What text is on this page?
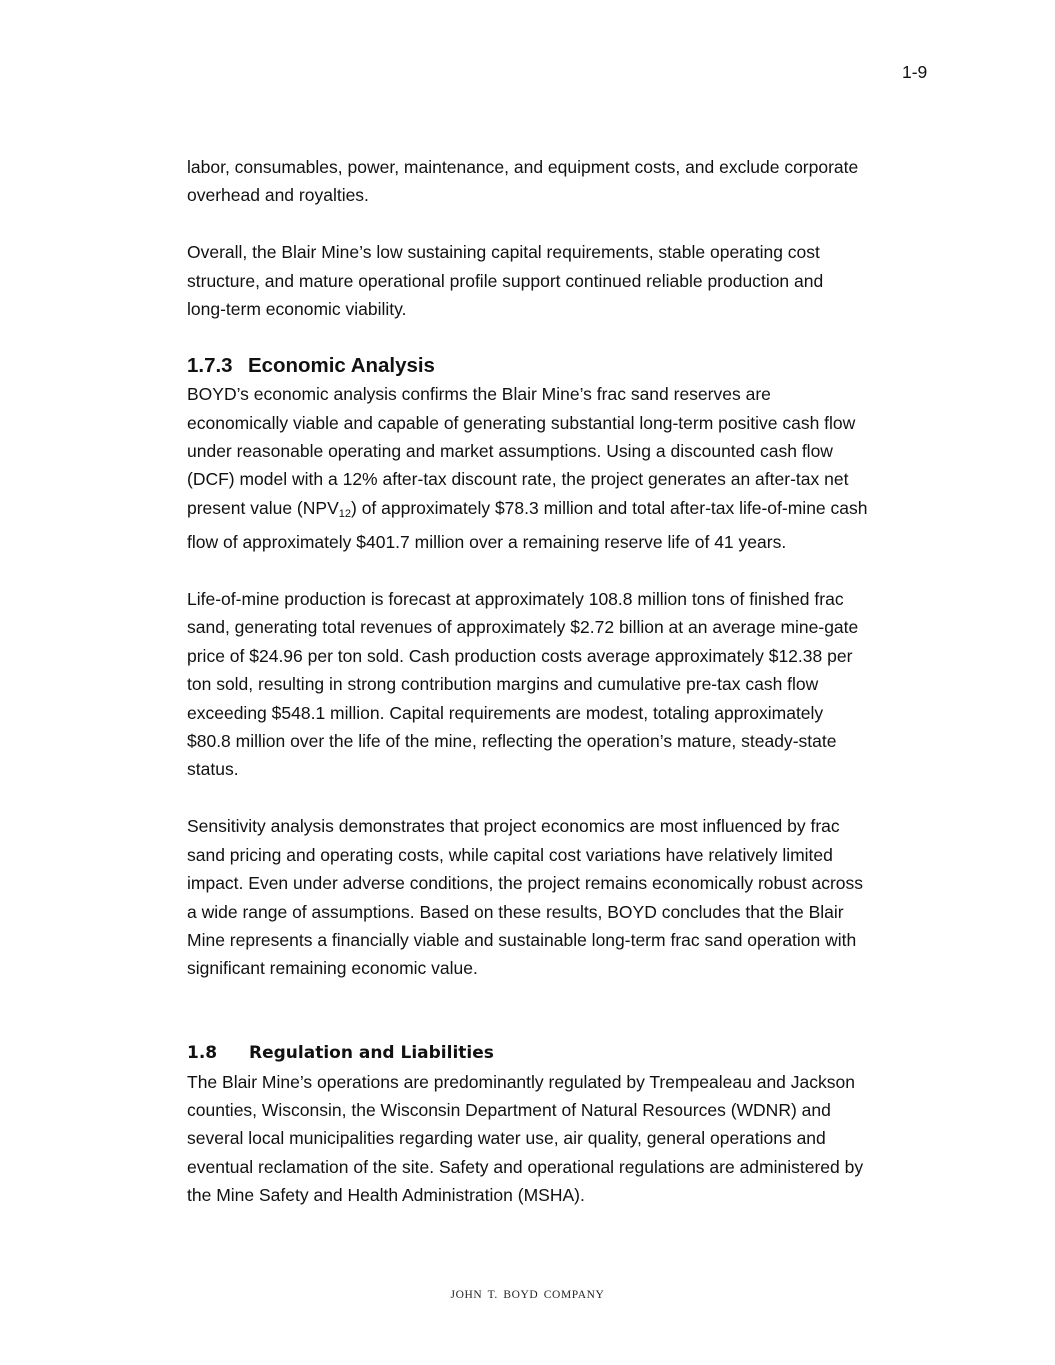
1-9

labor, consumables, power, maintenance, and equipment costs, and exclude corporate
overhead and royalties.

Overall, the Blair Mine’s low sustaining capital requirements, stable operating cost
structure, and mature operational profile support continued reliable production and
long-term economic viability.

1.7.3 Economic Analysis

BOYD’s economic analysis confirms the Blair Mine’s frac sand reserves are
economically viable and capable of generating substantial long-term positive cash flow
under reasonable operating and market assumptions. Using a discounted cash flow
(DCF) model with a 12% after-tax discount rate, the project generates an after-tax net
present value $(NPV_{12})$ of approximately $78.3 million and total after-tax life-of-mine cash
flow of approximately $401.7 million over a remaining reserve life of 41 years.

Life-of-mine production is forecast at approximately 108.8 million tons of finished frac
sand, generating total revenues of approximately $2.72 billion at an average mine-gate
price of $24.96 per ton sold. Cash production costs average approximately $12.38 per
ton sold, resulting in strong contribution margins and cumulative pre-tax cash flow
exceeding $548.1 million. Capital requirements are modest, totaling approximately
$80.8 million over the life of the mine, reflecting the operation’s mature, steady-state
status.

Sensitivity analysis demonstrates that project economics are most influenced by frac
sand pricing and operating costs, while capital cost variations have relatively limited
impact. Even under adverse conditions, the project remains economically robust across
a wide range of assumptions. Based on these results, BOYD concludes that the Blair
Mine represents a financially viable and sustainable long-term frac sand operation with
significant remaining economic value.

1.8 Regulation and Liabilities

The Blair Mine’s operations are predominantly regulated by Trempealeau and Jackson
counties, Wisconsin, the Wisconsin Department of Natural Resources (WDNR) and
several local municipalities regarding water use, air quality, general operations and
eventual reclamation of the site. Safety and operational regulations are administered by
the Mine Safety and Health Administration (MSHA).

JOHN T. BOYD COMPANY
